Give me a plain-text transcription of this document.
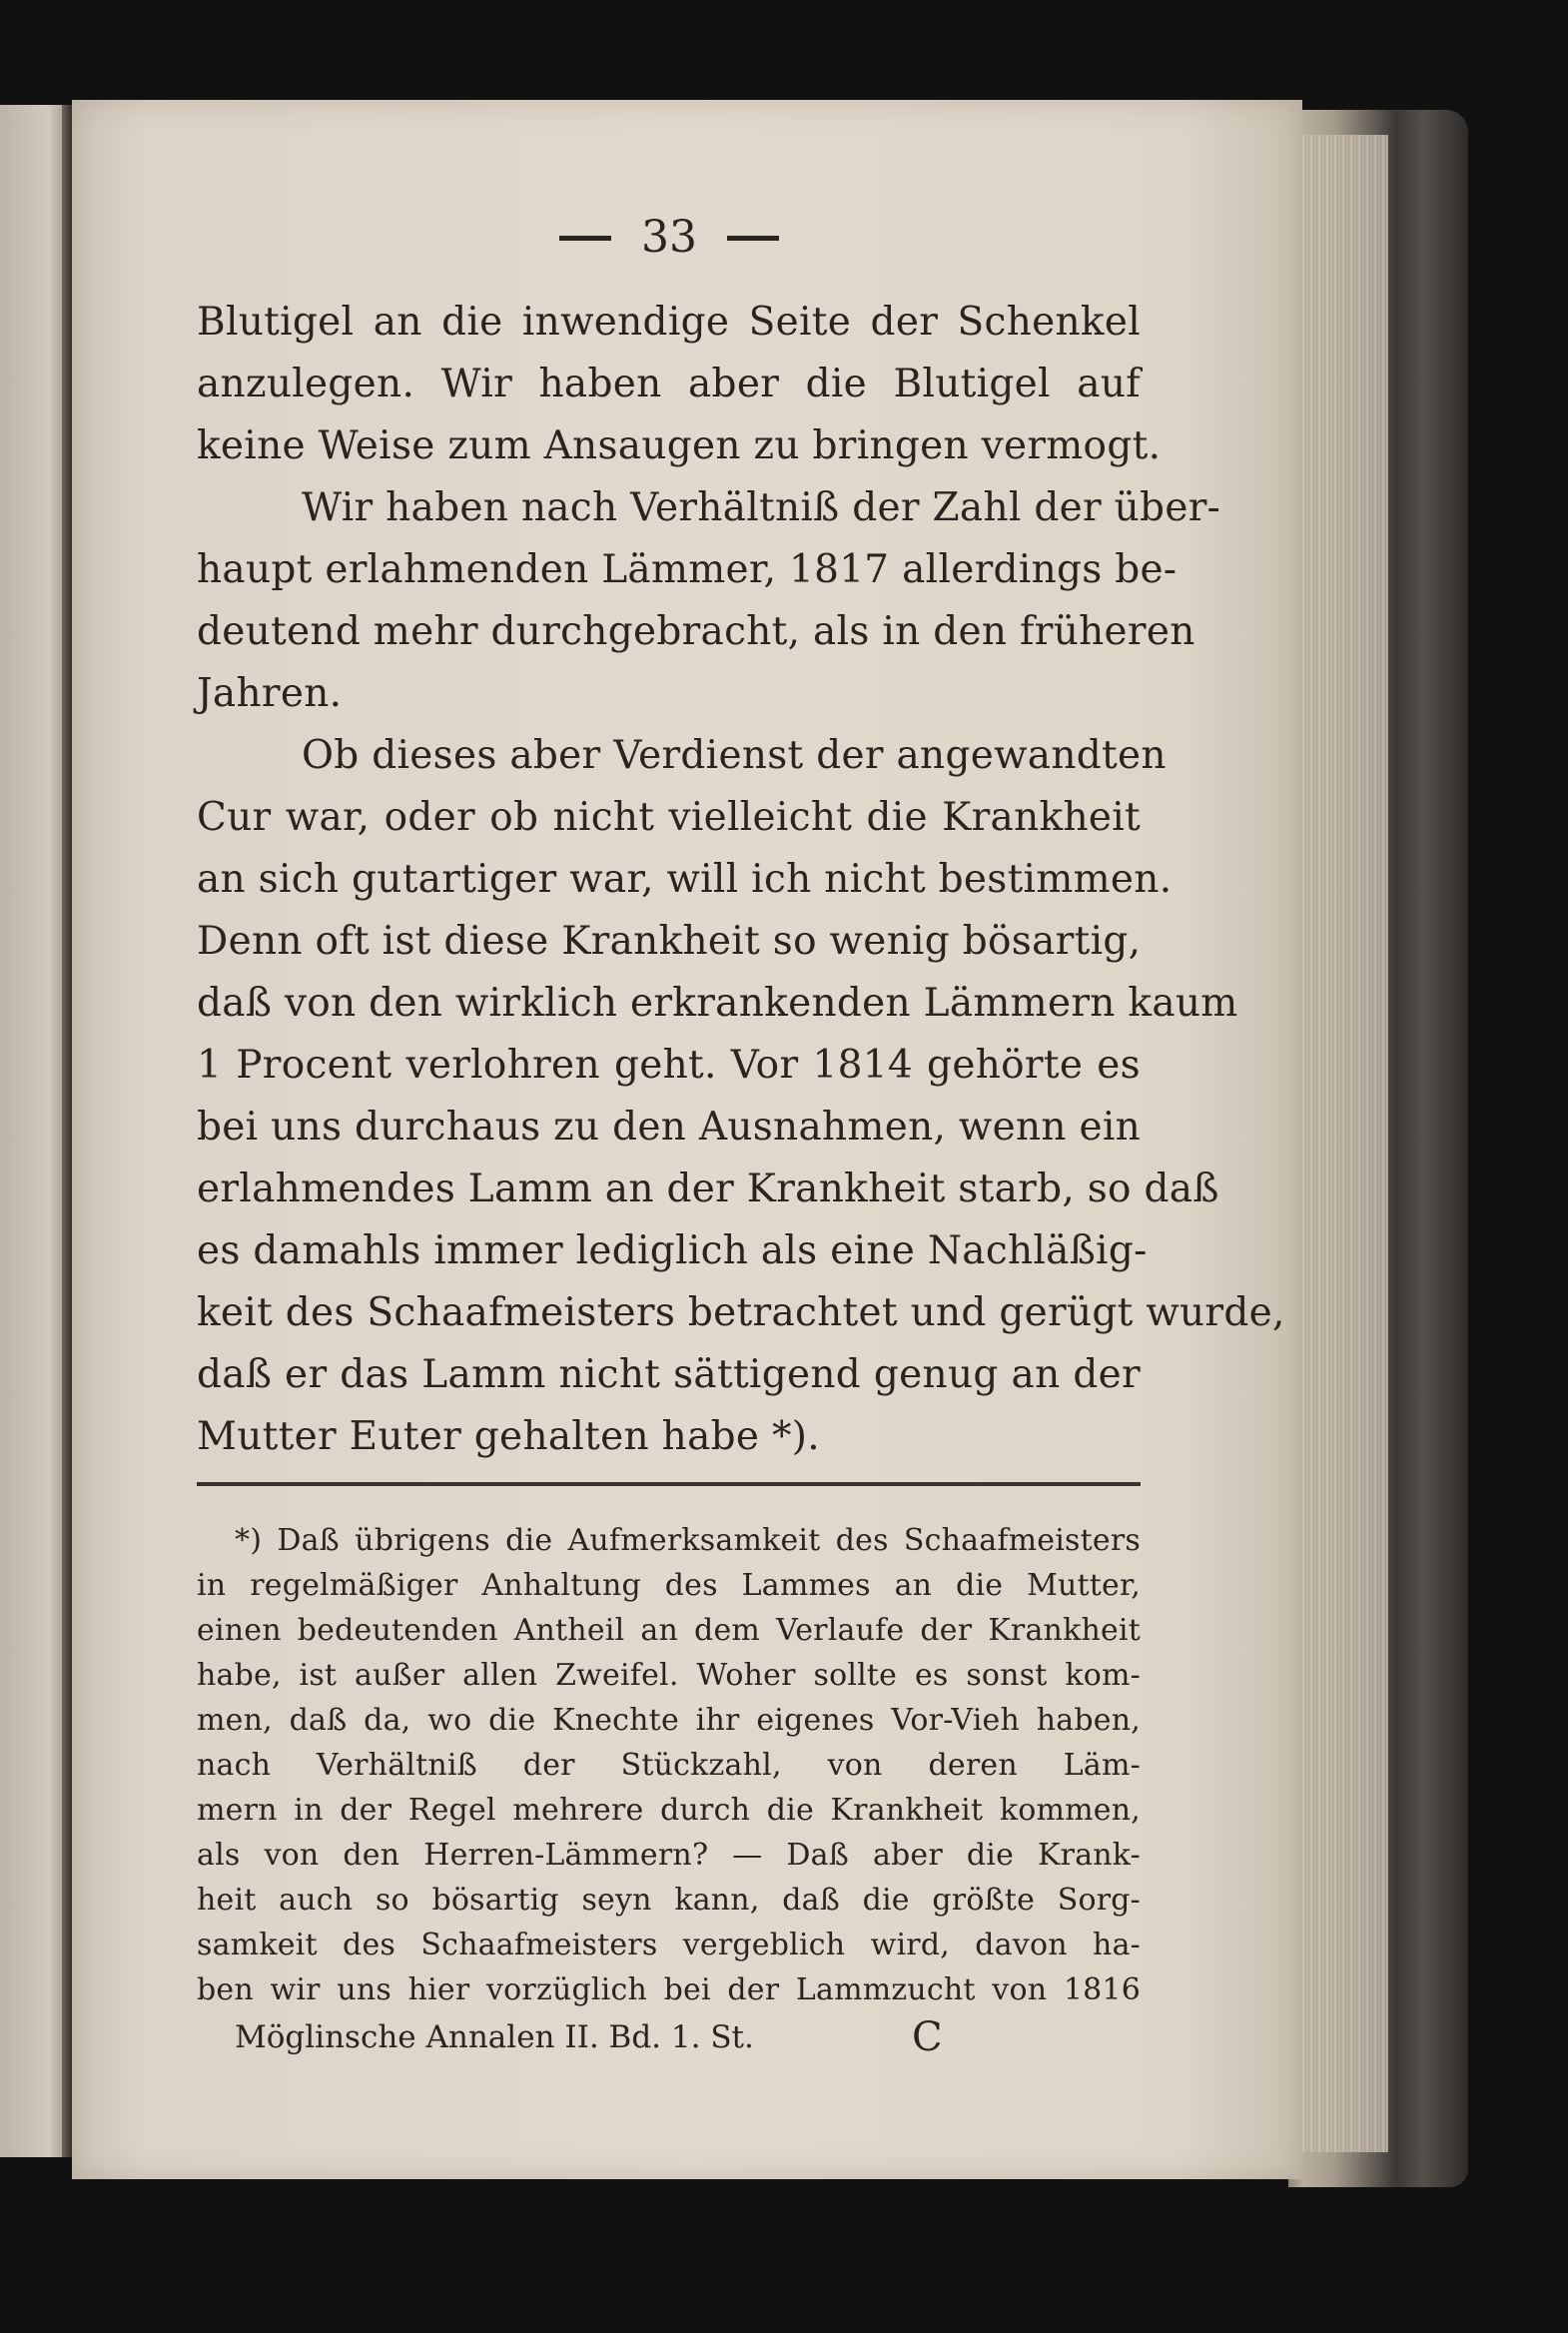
33
Blutigel an die inwendige Seite der Schenkel
anzulegen. Wir haben aber die Blutigel auf
keine Weise zum Ansaugen zu bringen vermogt.
Wir haben nach Verhältniß der Zahl der über-
haupt erlahmenden Lämmer, 1817 allerdings be-
deutend mehr durchgebracht, als in den früheren
Jahren.
Ob dieses aber Verdienst der angewandten
Cur war, oder ob nicht vielleicht die Krankheit
an sich gutartiger war, will ich nicht bestimmen.
Denn oft ist diese Krankheit so wenig bösartig,
daß von den wirklich erkrankenden Lämmern kaum
1 Procent verlohren geht. Vor 1814 gehörte es
bei uns durchaus zu den Ausnahmen, wenn ein
erlahmendes Lamm an der Krankheit starb, so daß
es damahls immer lediglich als eine Nachläßig-
keit des Schaafmeisters betrachtet und gerügt wurde,
daß er das Lamm nicht sättigend genug an der
Mutter Euter gehalten habe *).
*) Daß übrigens die Aufmerksamkeit des Schaafmeisters
in regelmäßiger Anhaltung des Lammes an die Mutter,
einen bedeutenden Antheil an dem Verlaufe der Krankheit
habe, ist außer allen Zweifel. Woher sollte es sonst kom-
men, daß da, wo die Knechte ihr eigenes Vor-Vieh haben,
nach Verhältniß der Stückzahl, von deren Läm-
mern in der Regel mehrere durch die Krankheit kommen,
als von den Herren-Lämmern? — Daß aber die Krank-
heit auch so bösartig seyn kann, daß die größte Sorg-
samkeit des Schaafmeisters vergeblich wird, davon ha-
ben wir uns hier vorzüglich bei der Lammzucht von 1816
Möglinsche Annalen II. Bd. 1. St.	C
